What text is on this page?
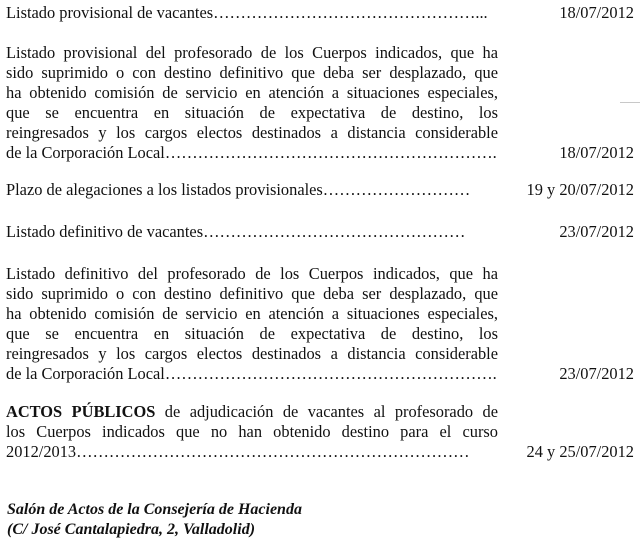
Listado provisional de vacantes…………………………………………...	18/07/2012
Listado provisional del profesorado de los Cuerpos indicados, que ha
sido suprimido o con destino definitivo que deba ser desplazado, que
ha obtenido comisión de servicio en atención a situaciones especiales,
que se encuentra en situación de expectativa de destino, los
reingresados y los cargos electos destinados a distancia considerable
de la Corporación Local…………………………………………………….	18/07/2012
Plazo de alegaciones a los listados provisionales………………………	19 y 20/07/2012
Listado definitivo de vacantes…………………………………………	23/07/2012
Listado definitivo del profesorado de los Cuerpos indicados, que ha
sido suprimido o con destino definitivo que deba ser desplazado, que
ha obtenido comisión de servicio en atención a situaciones especiales,
que se encuentra en situación de expectativa de destino, los
reingresados y los cargos electos destinados a distancia considerable
de la Corporación Local…………………………………………………….	23/07/2012
ACTOS PÚBLICOS de adjudicación de vacantes al profesorado de
los Cuerpos indicados que no han obtenido destino para el curso
2012/2013………………………………………………………………	24 y 25/07/2012
Salón de Actos de la Consejería de Hacienda
(C/ José Cantalapiedra, 2, Valladolid)
